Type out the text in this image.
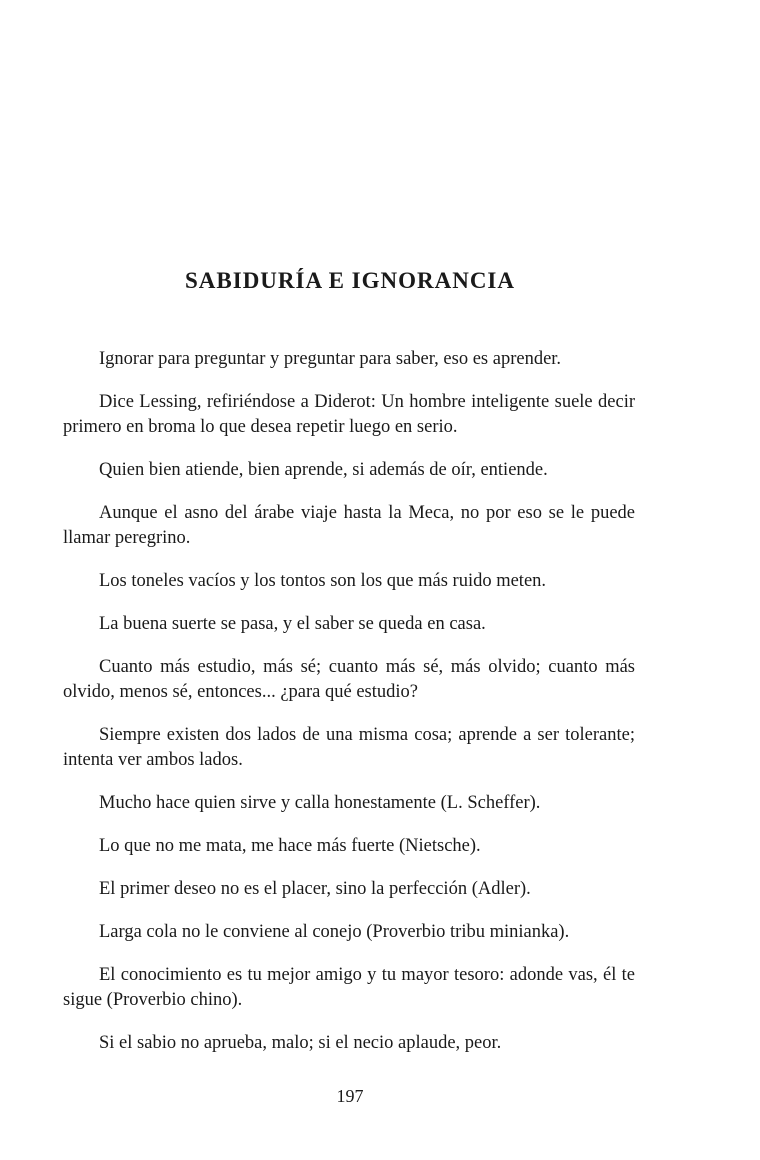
SABIDURÍA E IGNORANCIA

Ignorar para preguntar y preguntar para saber, eso es aprender.

Dice Lessing, refiriéndose a Diderot: Un hombre inteligente suele decir primero en broma lo que desea repetir luego en serio.

Quien bien atiende, bien aprende, si además de oír, entiende.

Aunque el asno del árabe viaje hasta la Meca, no por eso se le puede llamar peregrino.

Los toneles vacíos y los tontos son los que más ruido meten.

La buena suerte se pasa, y el saber se queda en casa.

Cuanto más estudio, más sé; cuanto más sé, más olvido; cuanto más olvido, menos sé, entonces... ¿para qué estudio?

Siempre existen dos lados de una misma cosa; aprende a ser tolerante; intenta ver ambos lados.

Mucho hace quien sirve y calla honestamente (L. Scheffer).

Lo que no me mata, me hace más fuerte (Nietsche).

El primer deseo no es el placer, sino la perfección (Adler).

Larga cola no le conviene al conejo (Proverbio tribu minianka).

El conocimiento es tu mejor amigo y tu mayor tesoro: adonde vas, él te sigue (Proverbio chino).

Si el sabio no aprueba, malo; si el necio aplaude, peor.

197
